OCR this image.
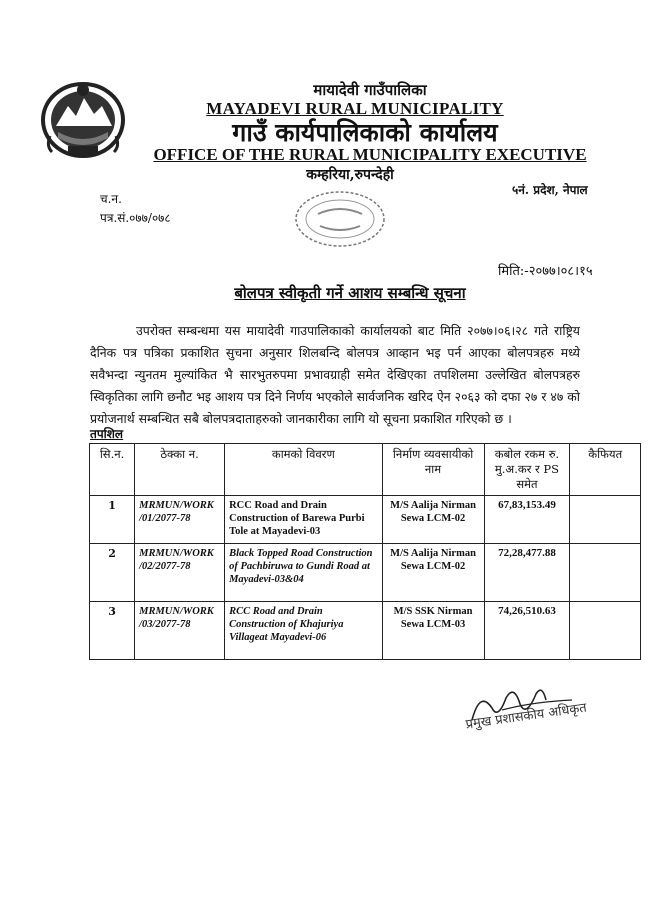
मायादेवी गाउँपालिका
MAYADEVI RURAL MUNICIPALITY
गाउँ कार्यपालिकाको कार्यालय
OFFICE OF THE RURAL MUNICIPALITY EXECUTIVE
कम्हरिया,रुपन्देही
५नं. प्रदेश, नेपाल
च.न.
पत्र.सं.०७७/०७८
मिति:-२०७७।०८।१५
बोलपत्र स्वीकृती गर्ने आशय सम्बन्धि सूचना
उपरोक्त सम्बन्धमा यस मायादेवी गाउपालिकाको कार्यालयको बाट मिति २०७७।०६।२८ गते राष्ट्रिय दैनिक पत्र पत्रिका प्रकाशित सुचना अनुसार शिलबन्दि बोलपत्र आव्हान भइ पर्न आएका बोलपत्रहरु मध्ये सवैभन्दा न्युनतम मुल्यांकित भै सारभुतरुपमा प्रभावग्राही समेत देखिएका तपशिलमा उल्लेखित बोलपत्रहरु स्विकृतिका लागि छनौट भइ आशय पत्र दिने निर्णय भएकोले सार्वजनिक खरिद ऐन २०६३ को दफा २७ र ४७ को प्रयोजनार्थ सम्बन्धित सबै बोलपत्रदाताहरुको जानकारीका लागि यो सूचना प्रकाशित गरिएको छ ।
तपशिल
सि.न.	ठेक्का न.	कामको विवरण	निर्माण व्यवसायीको नाम	कबोल रकम रु. मु.अ.कर र PS समेत	कैफियत
1	MRMUN/WORK /01/2077-78	RCC Road and Drain Construction of Barewa Purbi Tole at Mayadevi-03	M/S Aalija Nirman Sewa LCM-02	67,83,153.49	
2	MRMUN/WORK /02/2077-78	Black Topped Road Construction of Pachbiruwa to Gundi Road at Mayadevi-03&04	M/S Aalija Nirman Sewa LCM-02	72,28,477.88	
3	MRMUN/WORK /03/2077-78	RCC Road and Drain Construction of Khajuriya Villageat Mayadevi-06	M/S SSK Nirman Sewa LCM-03	74,26,510.63	
प्रमुख प्रशासकीय अधिकृत
